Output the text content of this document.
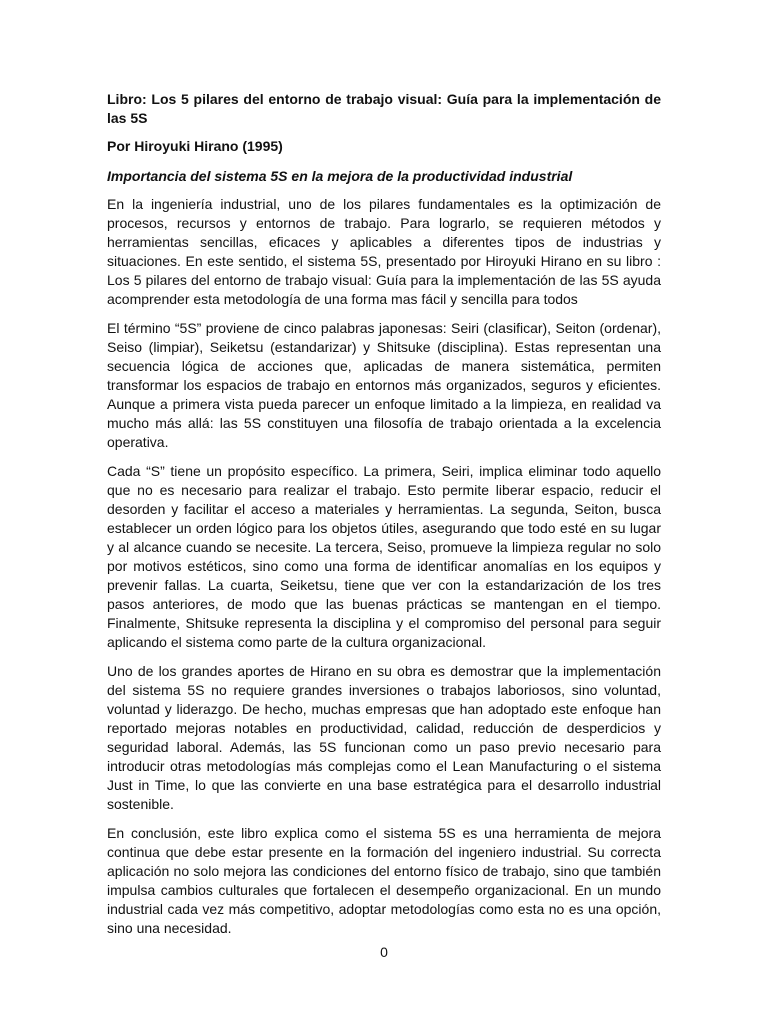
Libro: Los 5 pilares del entorno de trabajo visual: Guía para la implementación de las 5S

Por Hiroyuki Hirano (1995)

Importancia del sistema 5S en la mejora de la productividad industrial

En la ingeniería industrial, uno de los pilares fundamentales es la optimización de procesos, recursos y entornos de trabajo. Para lograrlo, se requieren métodos y herramientas sencillas, eficaces y aplicables a diferentes tipos de industrias y situaciones. En este sentido, el sistema 5S, presentado por Hiroyuki Hirano en su libro : Los 5 pilares del entorno de trabajo visual: Guía para la implementación de las 5S ayuda acomprender esta metodología de una forma mas fácil y sencilla para todos

El término “5S” proviene de cinco palabras japonesas: Seiri (clasificar), Seiton (ordenar), Seiso (limpiar), Seiketsu (estandarizar) y Shitsuke (disciplina). Estas representan una secuencia lógica de acciones que, aplicadas de manera sistemática, permiten transformar los espacios de trabajo en entornos más organizados, seguros y eficientes. Aunque a primera vista pueda parecer un enfoque limitado a la limpieza, en realidad va mucho más allá: las 5S constituyen una filosofía de trabajo orientada a la excelencia operativa.

Cada “S” tiene un propósito específico. La primera, Seiri, implica eliminar todo aquello que no es necesario para realizar el trabajo. Esto permite liberar espacio, reducir el desorden y facilitar el acceso a materiales y herramientas. La segunda, Seiton, busca establecer un orden lógico para los objetos útiles, asegurando que todo esté en su lugar y al alcance cuando se necesite. La tercera, Seiso, promueve la limpieza regular no solo por motivos estéticos, sino como una forma de identificar anomalías en los equipos y prevenir fallas. La cuarta, Seiketsu, tiene que ver con la estandarización de los tres pasos anteriores, de modo que las buenas prácticas se mantengan en el tiempo. Finalmente, Shitsuke representa la disciplina y el compromiso del personal para seguir aplicando el sistema como parte de la cultura organizacional.

Uno de los grandes aportes de Hirano en su obra es demostrar que la implementación del sistema 5S no requiere grandes inversiones o trabajos laboriosos, sino voluntad, voluntad y liderazgo. De hecho, muchas empresas que han adoptado este enfoque han reportado mejoras notables en productividad, calidad, reducción de desperdicios y seguridad laboral. Además, las 5S funcionan como un paso previo necesario para introducir otras metodologías más complejas como el Lean Manufacturing o el sistema Just in Time, lo que las convierte en una base estratégica para el desarrollo industrial sostenible.

En conclusión, este libro explica como el sistema 5S es una herramienta de mejora continua que debe estar presente en la formación del ingeniero industrial. Su correcta aplicación no solo mejora las condiciones del entorno físico de trabajo, sino que también impulsa cambios culturales que fortalecen el desempeño organizacional. En un mundo industrial cada vez más competitivo, adoptar metodologías como esta no es una opción, sino una necesidad.

0
